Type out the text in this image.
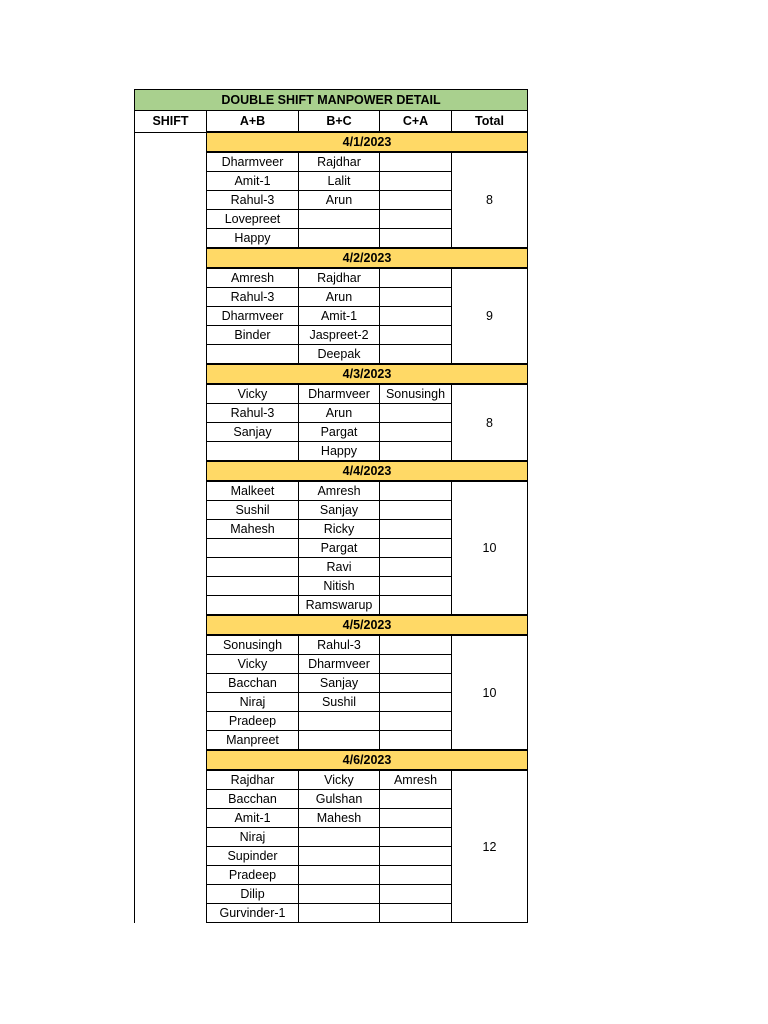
DOUBLE SHIFT MANPOWER DETAIL				
SHIFT	A+B	B+C	C+A	Total
	4/1/2023			
	Dharmveer	Rajdhar		8
	Amit-1	Lalit		
	Rahul-3	Arun		
	Lovepreet			
	Happy			
	4/2/2023			
	Amresh	Rajdhar		9
	Rahul-3	Arun		
	Dharmveer	Amit-1		
	Binder	Jaspreet-2		
		Deepak		
	4/3/2023			
	Vicky	Dharmveer	Sonusingh	8
	Rahul-3	Arun		
	Sanjay	Pargat		
		Happy		
	4/4/2023			
	Malkeet	Amresh		10
	Sushil	Sanjay		
	Mahesh	Ricky		
		Pargat		
		Ravi		
		Nitish		
		Ramswarup		
	4/5/2023			
	Sonusingh	Rahul-3		10
	Vicky	Dharmveer		
	Bacchan	Sanjay		
	Niraj	Sushil		
	Pradeep			
	Manpreet			
	4/6/2023			
	Rajdhar	Vicky	Amresh	12
	Bacchan	Gulshan		
	Amit-1	Mahesh		
	Niraj			
	Supinder			
	Pradeep			
	Dilip			
	Gurvinder-1			
